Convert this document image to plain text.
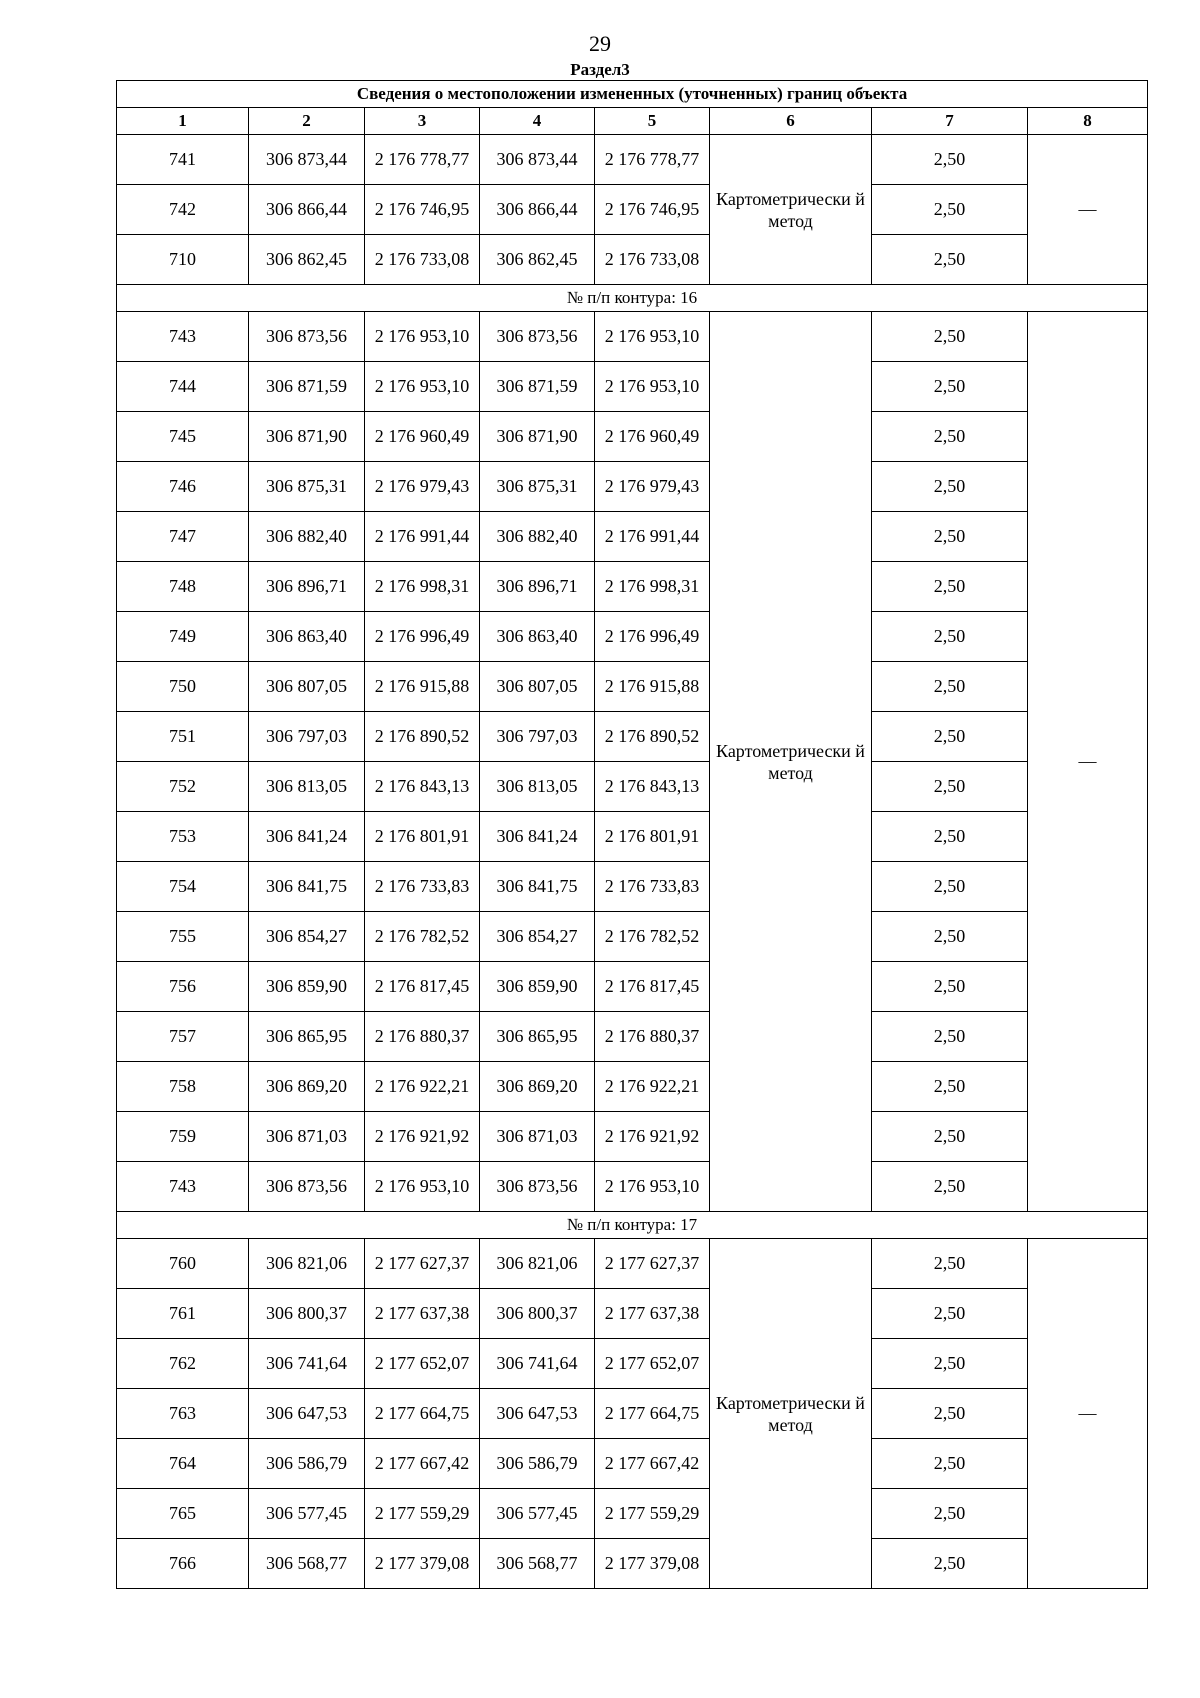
29
Раздел3
Сведения о местоположении измененных (уточненных) границ объекта							
1	2	3	4	5	6	7	8
741	306 873,44	2 176 778,77	306 873,44	2 176 778,77	Картометрически й метод	2,50	—
742	306 866,44	2 176 746,95	306 866,44	2 176 746,95		2,50	
710	306 862,45	2 176 733,08	306 862,45	2 176 733,08		2,50	
№ п/п контура: 16							
743	306 873,56	2 176 953,10	306 873,56	2 176 953,10	Картометрически й метод	2,50	—
744	306 871,59	2 176 953,10	306 871,59	2 176 953,10		2,50	
745	306 871,90	2 176 960,49	306 871,90	2 176 960,49		2,50	
746	306 875,31	2 176 979,43	306 875,31	2 176 979,43		2,50	
747	306 882,40	2 176 991,44	306 882,40	2 176 991,44		2,50	
748	306 896,71	2 176 998,31	306 896,71	2 176 998,31		2,50	
749	306 863,40	2 176 996,49	306 863,40	2 176 996,49		2,50	
750	306 807,05	2 176 915,88	306 807,05	2 176 915,88		2,50	
751	306 797,03	2 176 890,52	306 797,03	2 176 890,52		2,50	
752	306 813,05	2 176 843,13	306 813,05	2 176 843,13		2,50	
753	306 841,24	2 176 801,91	306 841,24	2 176 801,91		2,50	
754	306 841,75	2 176 733,83	306 841,75	2 176 733,83		2,50	
755	306 854,27	2 176 782,52	306 854,27	2 176 782,52		2,50	
756	306 859,90	2 176 817,45	306 859,90	2 176 817,45		2,50	
757	306 865,95	2 176 880,37	306 865,95	2 176 880,37		2,50	
758	306 869,20	2 176 922,21	306 869,20	2 176 922,21		2,50	
759	306 871,03	2 176 921,92	306 871,03	2 176 921,92		2,50	
743	306 873,56	2 176 953,10	306 873,56	2 176 953,10		2,50	
№ п/п контура: 17							
760	306 821,06	2 177 627,37	306 821,06	2 177 627,37	Картометрически й метод	2,50	—
761	306 800,37	2 177 637,38	306 800,37	2 177 637,38		2,50	
762	306 741,64	2 177 652,07	306 741,64	2 177 652,07		2,50	
763	306 647,53	2 177 664,75	306 647,53	2 177 664,75		2,50	
764	306 586,79	2 177 667,42	306 586,79	2 177 667,42		2,50	
765	306 577,45	2 177 559,29	306 577,45	2 177 559,29		2,50	
766	306 568,77	2 177 379,08	306 568,77	2 177 379,08		2,50	
